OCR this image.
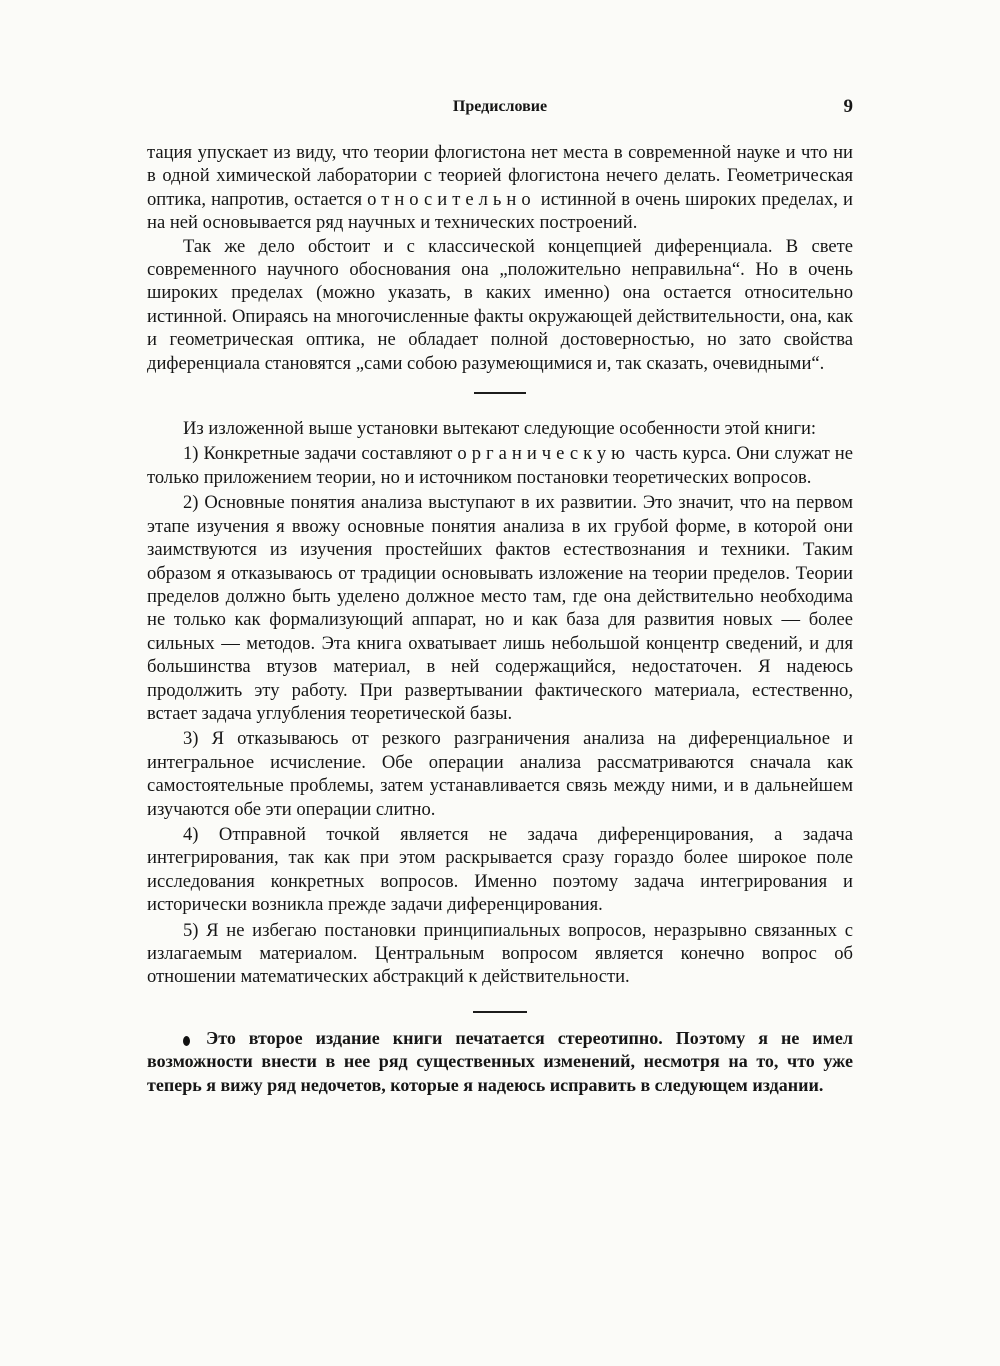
Предисловие	9

тация упускает из виду, что теории флогистона нет места в современной науке и что ни в одной химической лаборатории с теорией флогистона нечего делать. Геометрическая оптика, напротив, остается относительно истинной в очень широких пределах, и на ней основывается ряд научных и технических построений.

Так же дело обстоит и с классической концепцией диференциала. В свете современного научного обоснования она „положительно неправильна“. Но в очень широких пределах (можно указать, в каких именно) она остается относительно истинной. Опираясь на многочисленные факты окружающей действительности, она, как и геометрическая оптика, не обладает полной достоверностью, но зато свойства диференциала становятся „сами собою разумеющимися и, так сказать, очевидными“.

Из изложенной выше установки вытекают следующие особенности этой книги:

1) Конкретные задачи составляют органическую часть курса. Они служат не только приложением теории, но и источником постановки теоретических вопросов.

2) Основные понятия анализа выступают в их развитии. Это значит, что на первом этапе изучения я ввожу основные понятия анализа в их грубой форме, в которой они заимствуются из изучения простейших фактов естествознания и техники. Таким образом я отказываюсь от традиции основывать изложение на теории пределов. Теории пределов должно быть уделено должное место там, где она действительно необходима не только как формализующий аппарат, но и как база для развития новых — более сильных — методов. Эта книга охватывает лишь небольшой концентр сведений, и для большинства втузов материал, в ней содержащийся, недостаточен. Я надеюсь продолжить эту работу. При развертывании фактического материала, естественно, встает задача углубления теоретической базы.

3) Я отказываюсь от резкого разграничения анализа на диференциальное и интегральное исчисление. Обе операции анализа рассматриваются сначала как самостоятельные проблемы, затем устанавливается связь между ними, и в дальнейшем изучаются обе эти операции слитно.

4) Отправной точкой является не задача диференцирования, а задача интегрирования, так как при этом раскрывается сразу гораздо более широкое поле исследования конкретных вопросов. Именно поэтому задача интегрирования и исторически возникла прежде задачи диференцирования.

5) Я не избегаю постановки принципиальных вопросов, неразрывно связанных с излагаемым материалом. Центральным вопросом является конечно вопрос об отношении математических абстракций к действительности.

Это второе издание книги печатается стереотипно. Поэтому я не имел возможности внести в нее ряд существенных изменений, несмотря на то, что уже теперь я вижу ряд недочетов, которые я надеюсь исправить в следующем издании.
